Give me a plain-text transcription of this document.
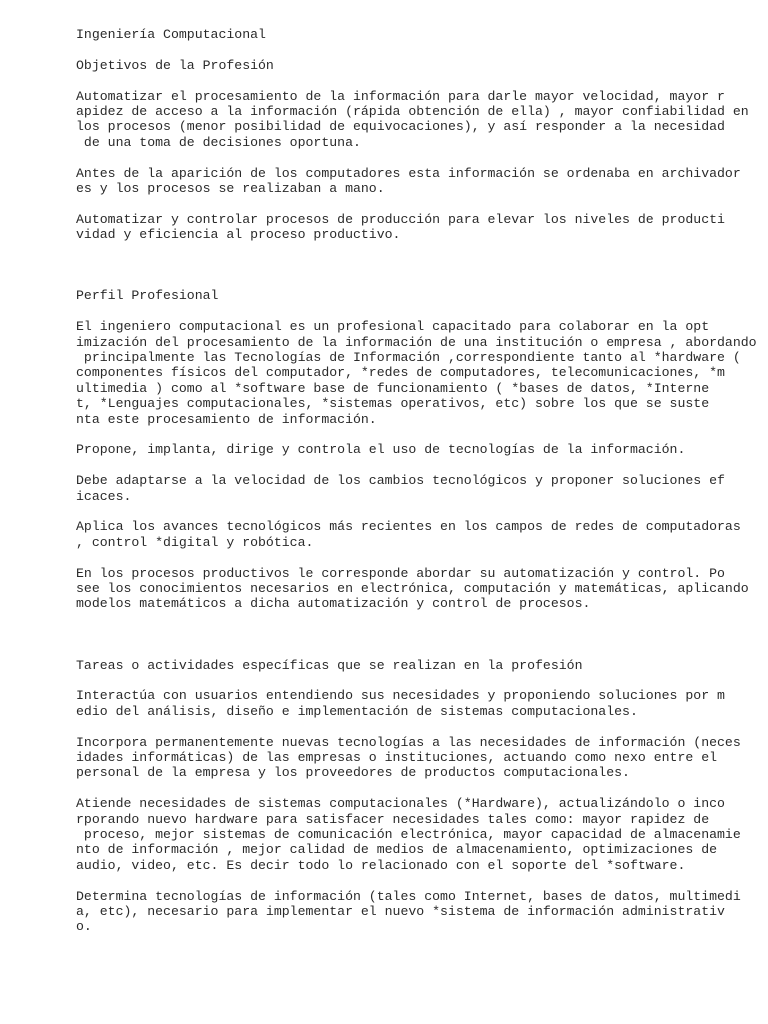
Ingeniería Computacional
Objetivos de la Profesión
Automatizar el procesamiento de la información para darle mayor velocidad, mayor r
apidez de acceso a la información (rápida obtención de ella) , mayor confiabilidad en
los procesos (menor posibilidad de equivocaciones), y así responder a la necesidad
de una toma de decisiones oportuna.
Antes de la aparición de los computadores esta información se ordenaba en archivador
es y los procesos se realizaban a mano.
Automatizar y controlar procesos de producción para elevar los niveles de producti
vidad y eficiencia al proceso productivo.
Perfil Profesional
El ingeniero computacional es un profesional capacitado para colaborar en la opt
imización del procesamiento de la información de una institución o empresa , abordando
principalmente las Tecnologías de Información ,correspondiente tanto al *hardware (
componentes físicos del computador, *redes de computadores, telecomunicaciones, *m
ultimedia ) como al *software base de funcionamiento ( *bases de datos, *Interne
t, *Lenguajes computacionales, *sistemas operativos, etc) sobre los que se suste
nta este procesamiento de información.
Propone, implanta, dirige y controla el uso de tecnologías de la información.
Debe adaptarse a la velocidad de los cambios tecnológicos y proponer soluciones ef
icaces.
Aplica los avances tecnológicos más recientes en los campos de redes de computadoras
, control *digital y robótica.
En los procesos productivos le corresponde abordar su automatización y control. Po
see los conocimientos necesarios en electrónica, computación y matemáticas, aplicando
modelos matemáticos a dicha automatización y control de procesos.
Tareas o actividades específicas que se realizan en la profesión
Interactúa con usuarios entendiendo sus necesidades y proponiendo soluciones por m
edio del análisis, diseño e implementación de sistemas computacionales.
Incorpora permanentemente nuevas tecnologías a las necesidades de información (neces
idades informáticas) de las empresas o instituciones, actuando como nexo entre el
personal de la empresa y los proveedores de productos computacionales.
Atiende necesidades de sistemas computacionales (*Hardware), actualizándolo o inco
rporando nuevo hardware para satisfacer necesidades tales como: mayor rapidez de
proceso, mejor sistemas de comunicación electrónica, mayor capacidad de almacenamie
nto de información , mejor calidad de medios de almacenamiento, optimizaciones de
audio, video, etc. Es decir todo lo relacionado con el soporte del *software.
Determina tecnologías de información (tales como Internet, bases de datos, multimedi
a, etc), necesario para implementar el nuevo *sistema de información administrativ
o.
